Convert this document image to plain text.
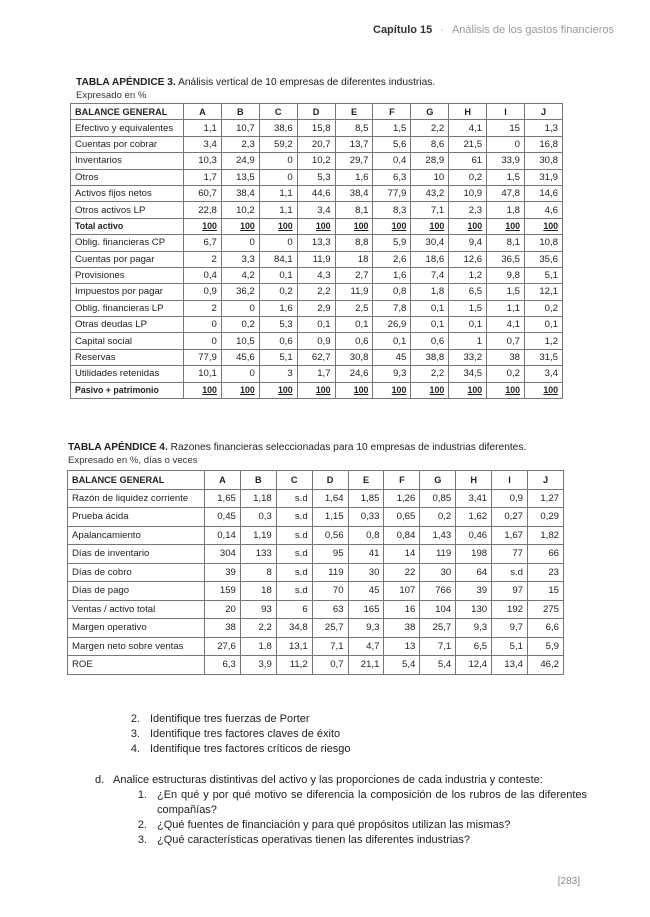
Capítulo 15 · Análisis de los gastos financieros
TABLA APÉNDICE 3. Análisis vertical de 10 empresas de diferentes industrias.
Expresado en %
BALANCE GENERAL	A	B	C	D	E	F	G	H	I	J
Efectivo y equivalentes	1,1	10,7	38,6	15,8	8,5	1,5	2,2	4,1	15	1,3
Cuentas por cobrar	3,4	2,3	59,2	20,7	13,7	5,6	8,6	21,5	0	16,8
Inventarios	10,3	24,9	0	10,2	29,7	0,4	28,9	61	33,9	30,8
Otros	1,7	13,5	0	5,3	1,6	6,3	10	0,2	1,5	31,9
Activos fijos netos	60,7	38,4	1,1	44,6	38,4	77,9	43,2	10,9	47,8	14,6
Otros activos LP	22,8	10,2	1,1	3,4	8,1	8,3	7,1	2,3	1,8	4,6
Total activo	100	100	100	100	100	100	100	100	100	100
Oblig. financieras CP	6,7	0	0	13,3	8,8	5,9	30,4	9,4	8,1	10,8
Cuentas por pagar	2	3,3	84,1	11,9	18	2,6	18,6	12,6	36,5	35,6
Provisiones	0,4	4,2	0,1	4,3	2,7	1,6	7,4	1,2	9,8	5,1
Impuestos por pagar	0,9	36,2	0,2	2,2	11,9	0,8	1,8	6,5	1,5	12,1
Oblig. financieras LP	2	0	1,6	2,9	2,5	7,8	0,1	1,5	1,1	0,2
Otras deudas LP	0	0,2	5,3	0,1	0,1	26,9	0,1	0,1	4,1	0,1
Capital social	0	10,5	0,6	0,9	0,6	0,1	0,6	1	0,7	1,2
Reservas	77,9	45,6	5,1	62,7	30,8	45	38,8	33,2	38	31,5
Utilidades retenidas	10,1	0	3	1,7	24,6	9,3	2,2	34,5	0,2	3,4
Pasivo + patrimonio	100	100	100	100	100	100	100	100	100	100
TABLA APÉNDICE 4. Razones financieras seleccionadas para 10 empresas de industrias diferentes.
Expresado en %, días o veces
BALANCE GENERAL	A	B	C	D	E	F	G	H	I	J
Razón de liquidez corriente	1,65	1,18	s.d	1,64	1,85	1,26	0,85	3,41	0,9	1,27
Prueba ácida	0,45	0,3	s.d	1,15	0,33	0,65	0,2	1,62	0,27	0,29
Apalancamiento	0,14	1,19	s.d	0,56	0,8	0,84	1,43	0,46	1,67	1,82
Días de inventario	304	133	s.d	95	41	14	119	198	77	66
Días de cobro	39	8	s.d	119	30	22	30	64	s.d	23
Días de pago	159	18	s.d	70	45	107	766	39	97	15
Ventas / activo total	20	93	6	63	165	16	104	130	192	275
Margen operativo	38	2,2	34,8	25,7	9,3	38	25,7	9,3	9,7	6,6
Margen neto sobre ventas	27,6	1,8	13,1	7,1	4,7	13	7,1	6,5	5,1	5,9
ROE	6,3	3,9	11,2	0,7	21,1	5,4	5,4	12,4	13,4	46,2
2. Identifique tres fuerzas de Porter
3. Identifique tres factores claves de éxito
4. Identifique tres factores críticos de riesgo
d. Analice estructuras distintivas del activo y las proporciones de cada industria y conteste:
1. ¿En qué y por qué motivo se diferencia la composición de los rubros de las diferentes compañías?
2. ¿Qué fuentes de financiación y para qué propósitos utilizan las mismas?
3. ¿Qué características operativas tienen las diferentes industrias?
[283]
